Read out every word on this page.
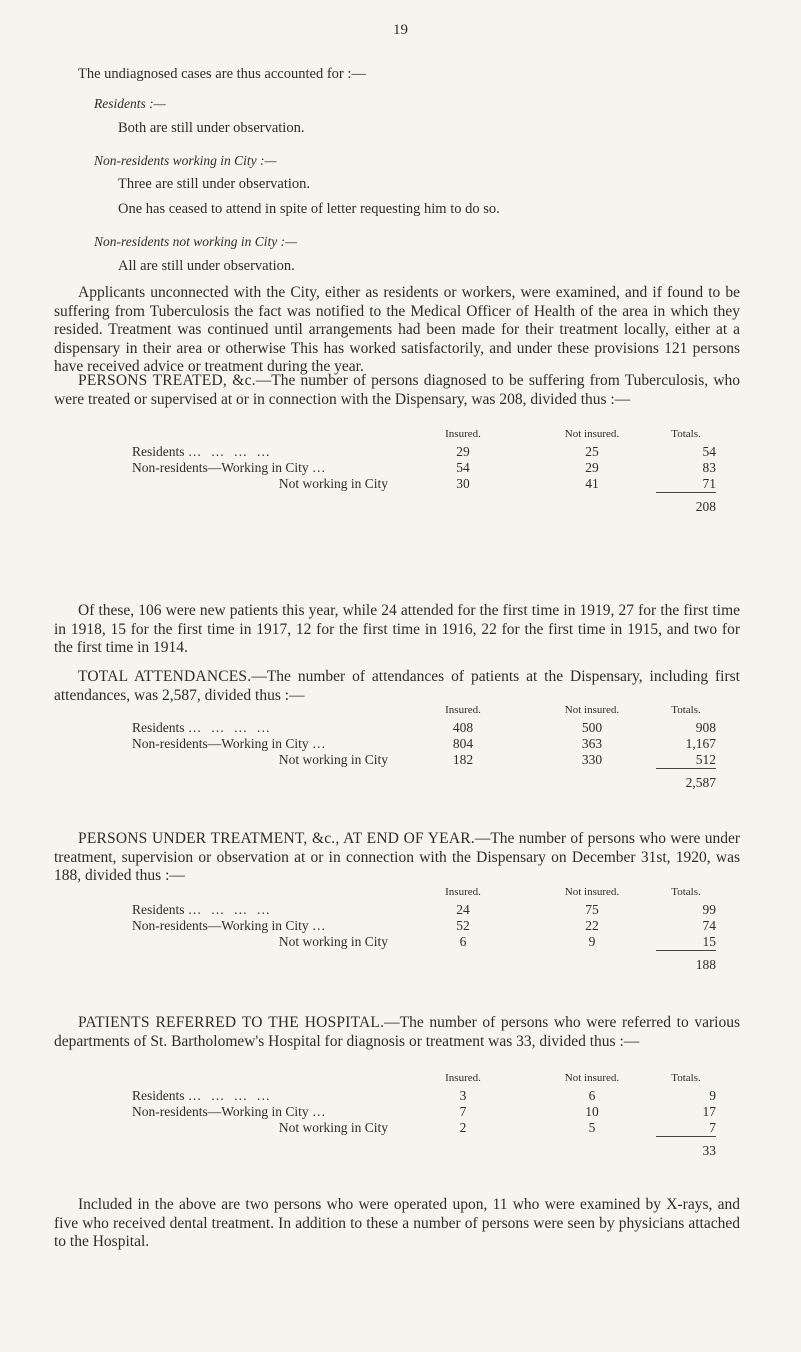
19
The undiagnosed cases are thus accounted for :—
Residents :—
Both are still under observation.
Non-residents working in City :—
Three are still under observation.
One has ceased to attend in spite of letter requesting him to do so.
Non-residents not working in City :—
All are still under observation.

Applicants unconnected with the City, either as residents or workers, were examined, and if found to be suffering from Tuberculosis the fact was notified to the Medical Officer of Health of the area in which they resided. Treatment was continued until arrangements had been made for their treatment locally, either at a dispensary in their area or otherwise This has worked satisfactorily, and under these provisions 121 persons have received advice or treatment during the year.

PERSONS TREATED, &c.—The number of persons diagnosed to be suffering from Tuberculosis, who were treated or supervised at or in connection with the Dispensary, was 208, divided thus :—

	Insured.	Not insured.	Totals.
Residents … … … …	29	25	54
Non-residents—Working in City …	54	29	83
Not working in City	30	41	71
			208

Of these, 106 were new patients this year, while 24 attended for the first time in 1919, 27 for the first time in 1918, 15 for the first time in 1917, 12 for the first time in 1916, 22 for the first time in 1915, and two for the first time in 1914.

TOTAL ATTENDANCES.—The number of attendances of patients at the Dispensary, including first attendances, was 2,587, divided thus :—

	Insured.	Not insured.	Totals.
Residents … … … …	408	500	908
Non-residents—Working in City …	804	363	1,167
Not working in City	182	330	512
			2,587

PERSONS UNDER TREATMENT, &c., AT END OF YEAR.—The number of persons who were under treatment, supervision or observation at or in connection with the Dispensary on December 31st, 1920, was 188, divided thus :—

	Insured.	Not insured.	Totals.
Residents … … … …	24	75	99
Non-residents—Working in City …	52	22	74
Not working in City	6	9	15
			188

PATIENTS REFERRED TO THE HOSPITAL.—The number of persons who were referred to various departments of St. Bartholomew's Hospital for diagnosis or treatment was 33, divided thus :—

	Insured.	Not insured.	Totals.
Residents … … … …	3	6	9
Non-residents—Working in City …	7	10	17
Not working in City	2	5	7
			33

Included in the above are two persons who were operated upon, 11 who were examined by X-rays, and five who received dental treatment. In addition to these a number of persons were seen by physicians attached to the Hospital.
